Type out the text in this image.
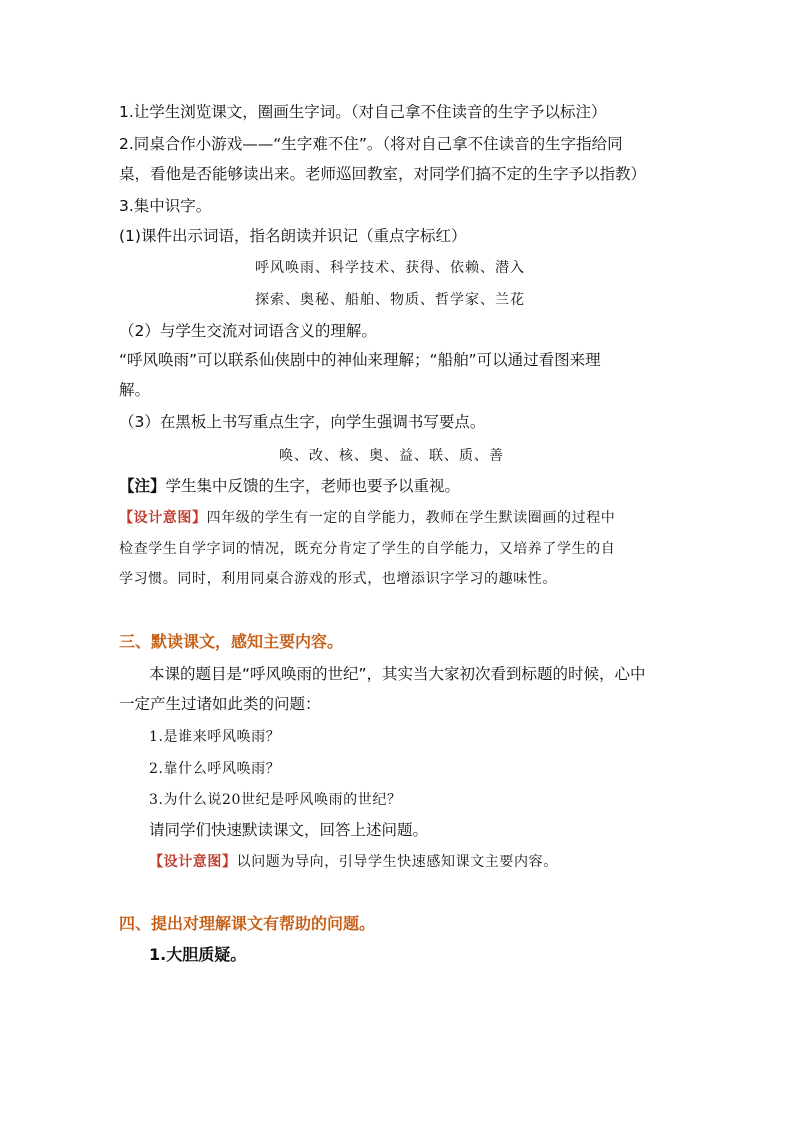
1.让学生浏览课文，圈画生字词。（对自己拿不住读音的生字予以标注）
2.同桌合作小游戏——“生字难不住”。（将对自己拿不住读音的生字指给同
桌，看他是否能够读出来。老师巡回教室，对同学们搞不定的生字予以指教）
3.集中识字。
(1)课件出示词语，指名朗读并识记（重点字标红）
呼风唤雨、科学技术、获得、依赖、潜入
探索、奥秘、船舶、物质、哲学家、兰花
（2）与学生交流对词语含义的理解。
“呼风唤雨”可以联系仙侠剧中的神仙来理解；“船舶”可以通过看图来理
解。
（3）在黑板上书写重点生字，向学生强调书写要点。
唤、改、核、奥、益、联、质、善
【注】学生集中反馈的生字，老师也要予以重视。
【设计意图】四年级的学生有一定的自学能力，教师在学生默读圈画的过程中
检查学生自学字词的情况，既充分肯定了学生的自学能力，又培养了学生的自
学习惯。同时，利用同桌合游戏的形式，也增添识字学习的趣味性。
三、默读课文，感知主要内容。
本课的题目是“呼风唤雨的世纪”，其实当大家初次看到标题的时候，心中
一定产生过诸如此类的问题：
1.是谁来呼风唤雨？
2.靠什么呼风唤雨？
3.为什么说20世纪是呼风唤雨的世纪？
请同学们快速默读课文，回答上述问题。
【设计意图】以问题为导向，引导学生快速感知课文主要内容。
四、提出对理解课文有帮助的问题。
1.大胆质疑。
